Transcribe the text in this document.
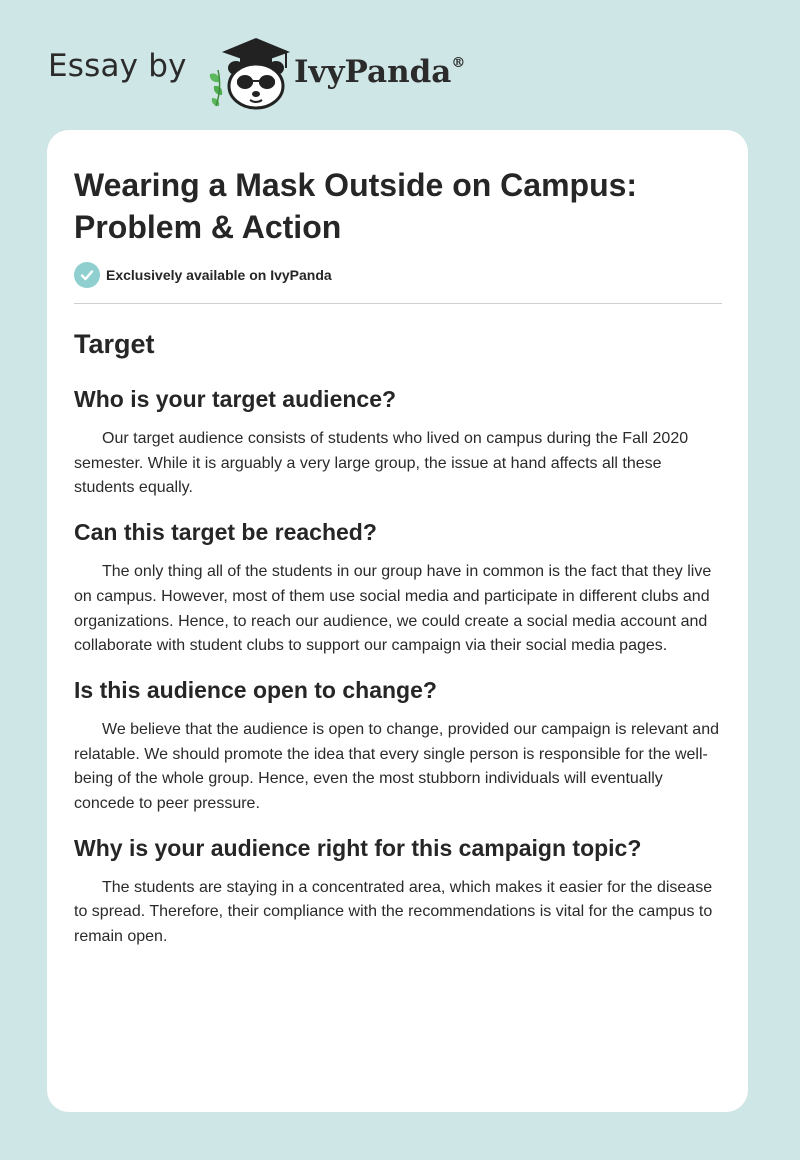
Essay by	IvyPanda®
Wearing a Mask Outside on Campus:
Problem & Action
Exclusively available on IvyPanda
Target
Who is your target audience?

Our target audience consists of students who lived on campus during the Fall 2020 semester. While it is arguably a very large group, the issue at hand affects all these students equally.

Can this target be reached?

The only thing all of the students in our group have in common is the fact that they live on campus. However, most of them use social media and participate in different clubs and organizations. Hence, to reach our audience, we could create a social media account and collaborate with student clubs to support our campaign via their social media pages.

Is this audience open to change?

We believe that the audience is open to change, provided our campaign is relevant and relatable. We should promote the idea that every single person is responsible for the well-being of the whole group. Hence, even the most stubborn individuals will eventually concede to peer pressure.

Why is your audience right for this campaign topic?

The students are staying in a concentrated area, which makes it easier for the disease to spread. Therefore, their compliance with the recommendations is vital for the campus to remain open.
